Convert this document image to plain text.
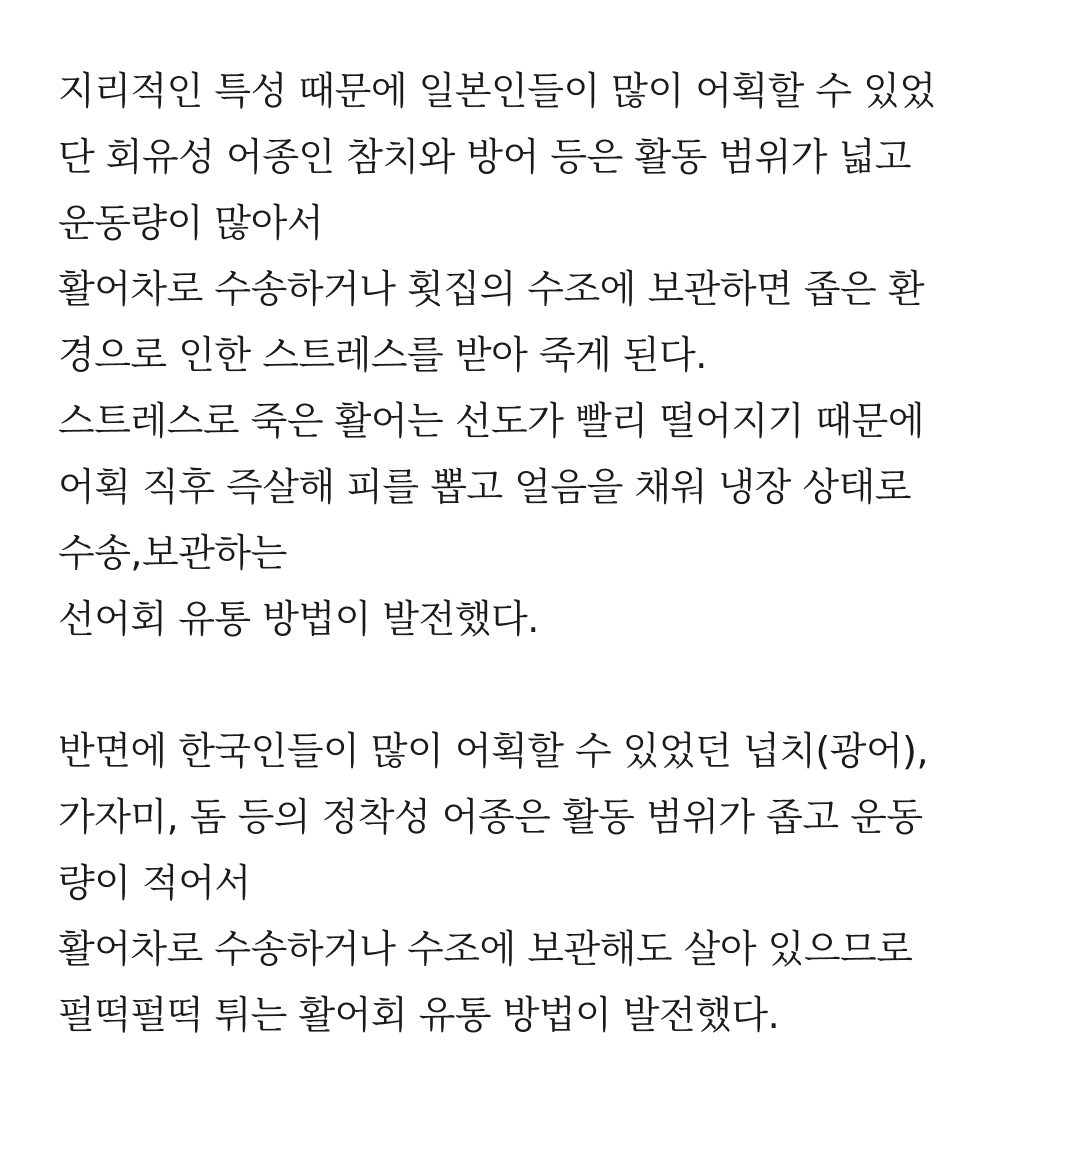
지리적인 특성 때문에 일본인들이 많이 어획할 수 있었
단 회유성 어종인 참치와 방어 등은 활동 범위가 넓고
운동량이 많아서
활어차로 수송하거나 횟집의 수조에 보관하면 좁은 환
경으로 인한 스트레스를 받아 죽게 된다.
스트레스로 죽은 활어는 선도가 빨리 떨어지기 때문에
어획 직후 즉살해 피를 뽑고 얼음을 채워 냉장 상태로
수송,보관하는
선어회 유통 방법이 발전했다.
반면에 한국인들이 많이 어획할 수 있었던 넙치(광어),
가자미, 돔 등의 정착성 어종은 활동 범위가 좁고 운동
량이 적어서
활어차로 수송하거나 수조에 보관해도 살아 있으므로
펄떡펄떡 튀는 활어회 유통 방법이 발전했다.
